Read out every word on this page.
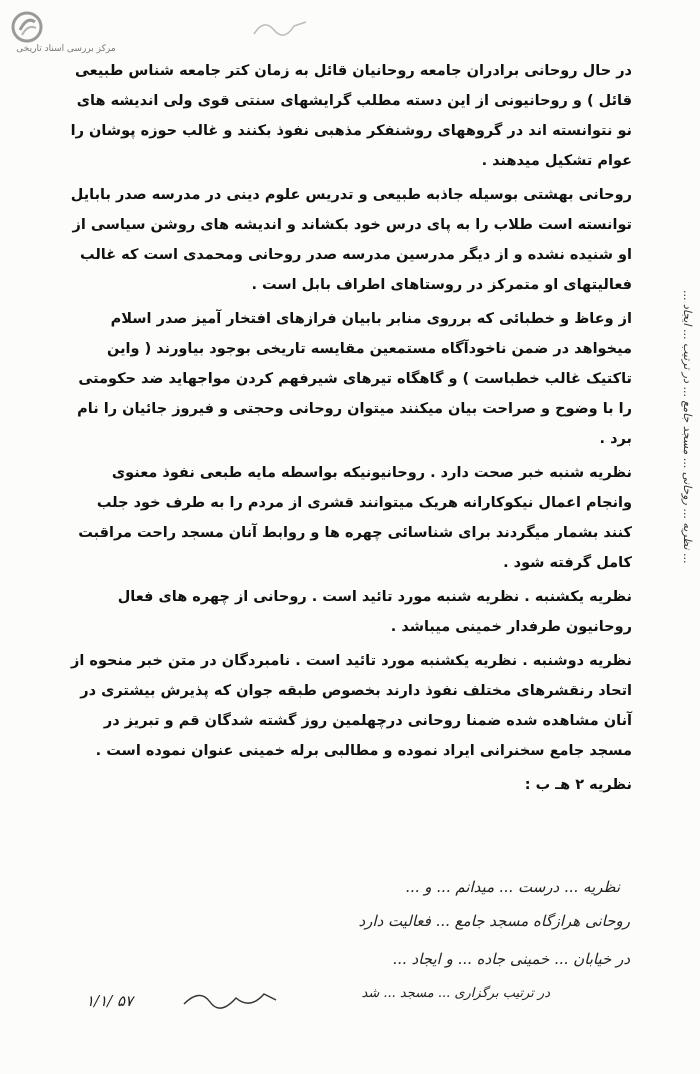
مرکز بررسی اسناد تاریخی

در حال روحانی برادران جامعه روحانیان قائل به زمان کتر جامعه شناس طبیعی قائل ) و روحانیونی از این دسته مطلب گرایشهای سنتی قوی ولی اندیشه های نو نتوانسته اند در گروههای روشنفکر مذهبی نفوذ بکنند و غالب حوزه پوشان را عوام تشکیل میدهند .

روحانی بهشتی بوسیله جاذبه طبیعی و تدریس علوم دینی در مدرسه صدر بابایل توانسته است طلاب را به پای درس خود بکشاند و اندیشه های روشن سیاسی از او شنیده نشده و از دیگر مدرسین مدرسه صدر روحانی ومحمدی است که غالب فعالیتهای او متمرکز در روستاهای اطراف بابل است .

از وعاظ و خطبائی که برروی منابر بابیان فرازهای افتخار آمیز صدر اسلام میخواهد در ضمن ناخودآگاه مستمعین مقایسه تاریخی بوجود بیاورند ( واین تاکتیک غالب خطباست ) و گاهگاه تیرهای شیرفهم کردن مواجهاید ضد حکومتی را با وضوح و صراحت بیان میکنند میتوان روحانی وحجتی و فیروز جائیان را نام برد .

نظریه شنبه خبر صحت دارد . روحانیونیکه بواسطه مایه طبعی نفوذ معنوی وانجام اعمال نیکوکارانه هریک میتوانند قشری از مردم را به طرف خود جلب کنند بشمار میگردند برای شناسائی چهره ها و روابط آنان مسجد راحت مراقبت کامل گرفته شود .

نظریه یکشنبه . نظریه شنبه مورد تائید است . روحانی از چهره های فعال روحانیون طرفدار خمینی میباشد .

نظریه دوشنبه . نظریه یکشنبه مورد تائید است . نامبردگان در متن خبر منحوه از اتحاد رنقشرهای مختلف نفوذ دارند بخصوص طبقه جوان که پذیرش بیشتری در آنان مشاهده شده ضمنا روحانی درچهلمین روز گشته شدگان قم و تبریز در مسجد جامع سخنرانی ایراد نموده و مطالبی برله خمینی عنوان نموده است .

نظریه ۲ هـ ب :

نظریه ... درست ... میدانم ... و ...
روحانی هرازگاه مسجد جامع ... فعالیت دارد
در خیابان ... خمینی جاده ... و ایجاد ...
در ترتیب برگزاری ... مسجد ... شد
... نظریه ... روحانی ... مسجد جامع ... در ترتیب ... ایجاد ...
۱/۱/ ۵۷
